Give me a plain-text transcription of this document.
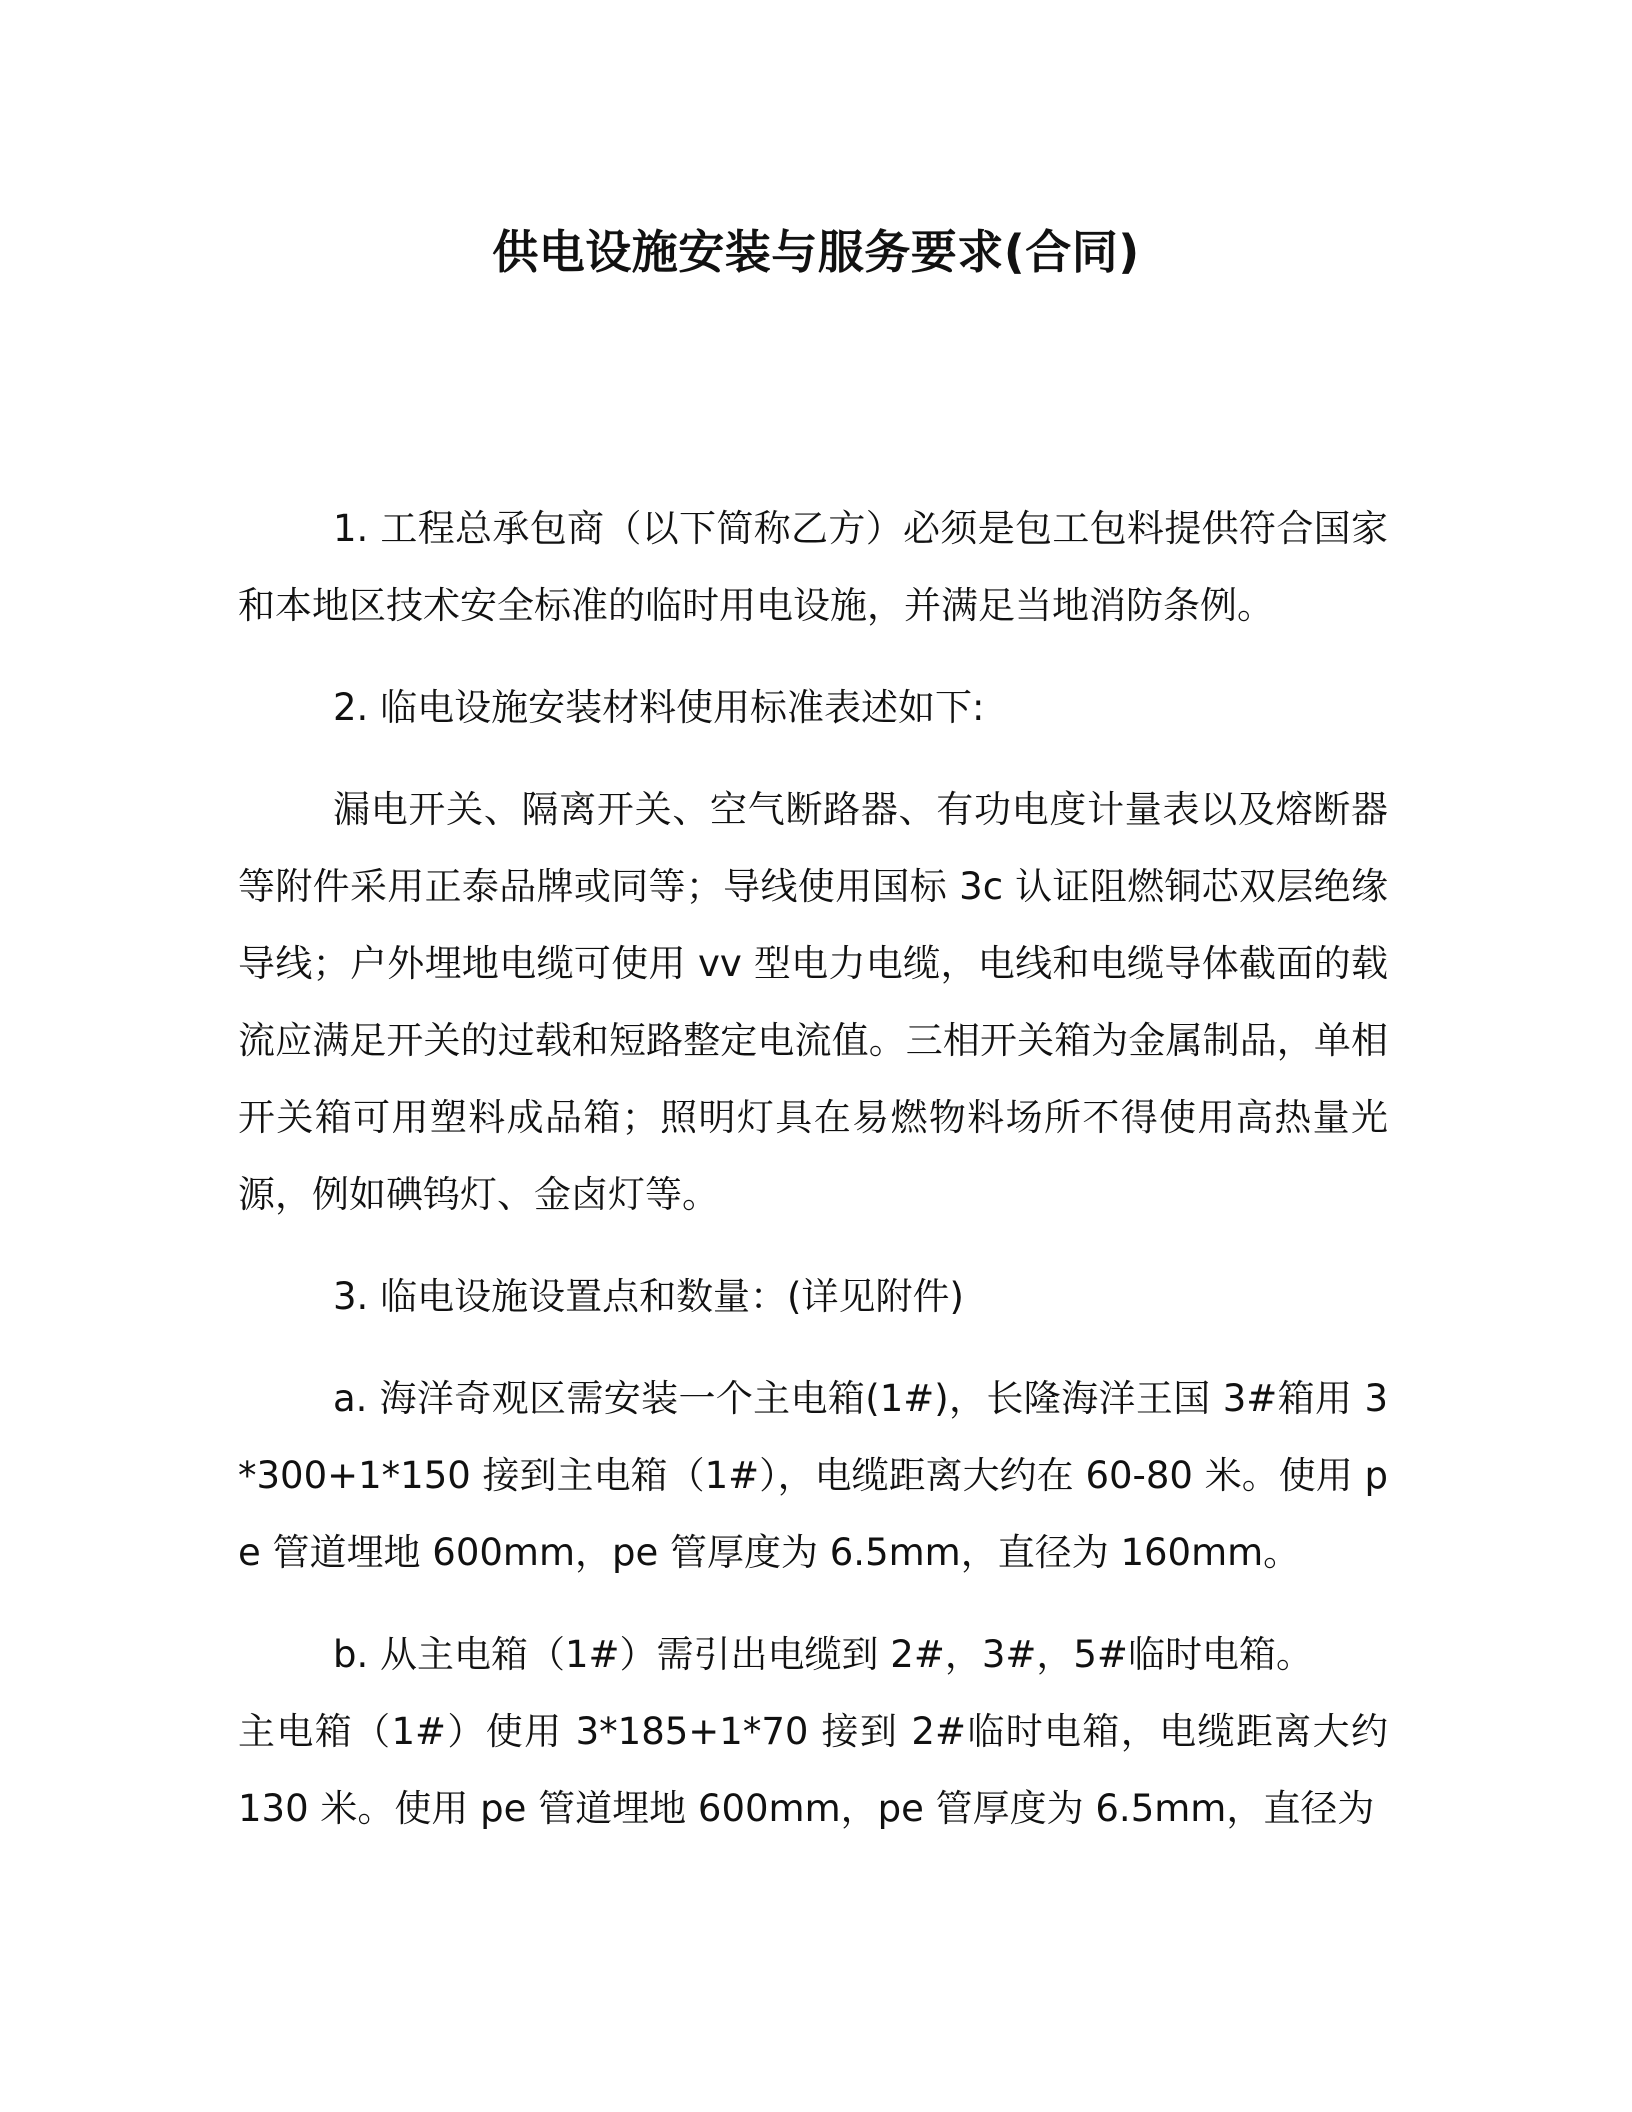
供电设施安装与服务要求(合同)

1. 工程总承包商（以下简称乙方）必须是包工包料提供符合国家和本地区技术安全标准的临时用电设施，并满足当地消防条例。

2. 临电设施安装材料使用标准表述如下:

漏电开关、隔离开关、空气断路器、有功电度计量表以及熔断器等附件采用正泰品牌或同等；导线使用国标 3c 认证阻燃铜芯双层绝缘导线；户外埋地电缆可使用 vv 型电力电缆，电线和电缆导体截面的载流应满足开关的过载和短路整定电流值。三相开关箱为金属制品，单相开关箱可用塑料成品箱；照明灯具在易燃物料场所不得使用高热量光源，例如碘钨灯、金卤灯等。

3. 临电设施设置点和数量：(详见附件)

a. 海洋奇观区需安装一个主电箱(1#)，长隆海洋王国 3#箱用 3*300+1*150 接到主电箱（1#），电缆距离大约在 60-80 米。使用 pe 管道埋地 600mm，pe 管厚度为 6.5mm，直径为 160mm。

b. 从主电箱（1#）需引出电缆到 2#，3#，5#临时电箱。

主电箱（1#）使用 3*185+1*70 接到 2#临时电箱，电缆距离大约 130 米。使用 pe 管道埋地 600mm，pe 管厚度为 6.5mm，直径为
